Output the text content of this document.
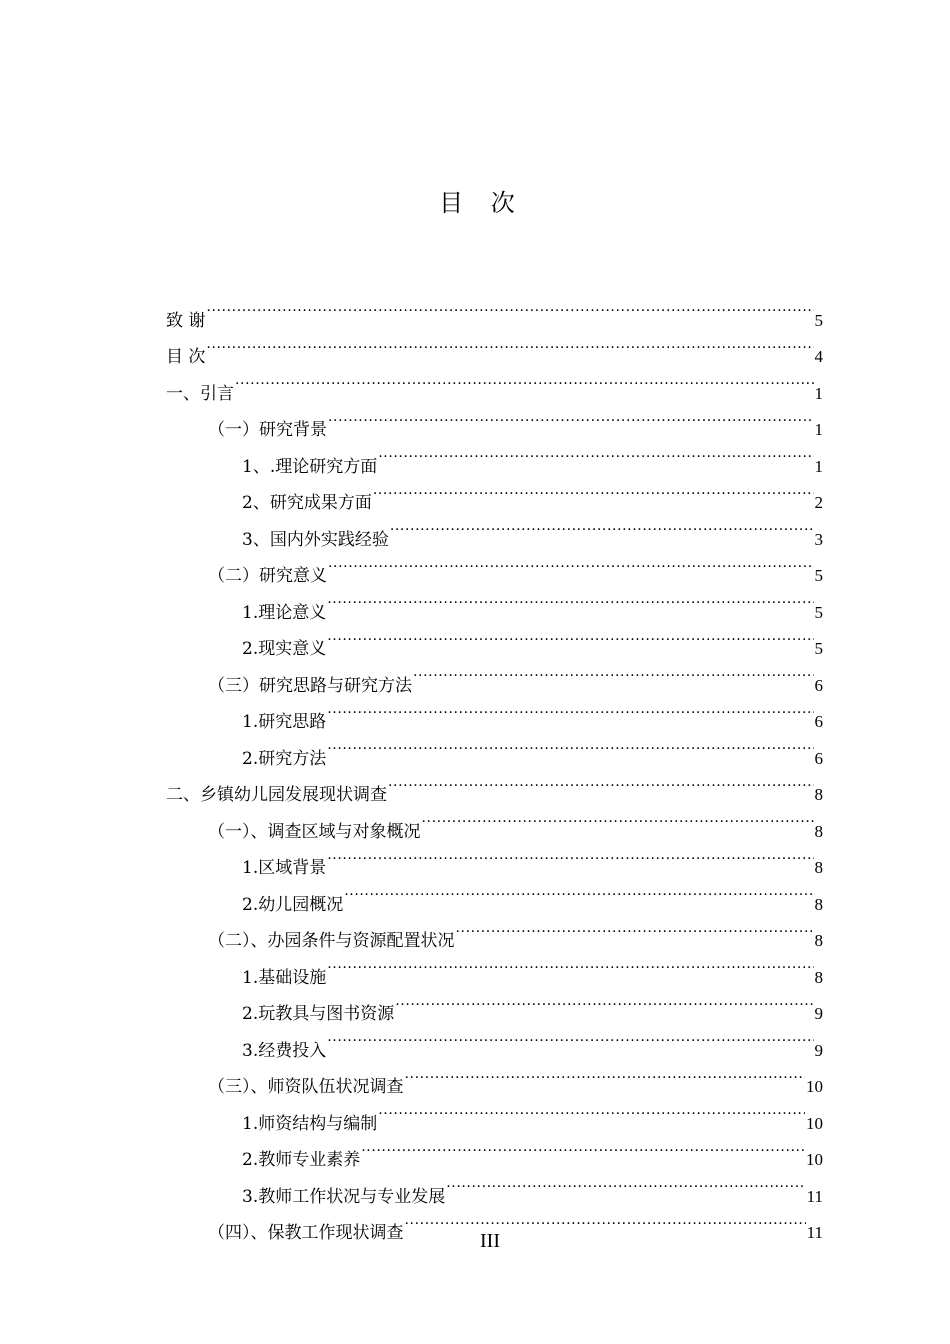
目 次
致 谢 .....	5
目 次 .....	4
一、引言 .....	1
（一）研究背景 .....	1
1、.理论研究方面 .....	1
2、研究成果方面 .....	2
3、国内外实践经验 .....	3
（二）研究意义 .....	5
1.理论意义 .....	5
2.现实意义 .....	5
（三）研究思路与研究方法 .....	6
1.研究思路 .....	6
2.研究方法 .....	6
二、乡镇幼儿园发展现状调查 .....	8
（一）、调查区域与对象概况 .....	8
1.区域背景 .....	8
2.幼儿园概况 .....	8
（二）、办园条件与资源配置状况 .....	8
1.基础设施 .....	8
2.玩教具与图书资源 .....	9
3.经费投入 .....	9
（三）、师资队伍状况调查 .....	10
1.师资结构与编制 .....	10
2.教师专业素养 .....	10
3.教师工作状况与专业发展 .....	11
（四）、保教工作现状调查 .....	11
III
